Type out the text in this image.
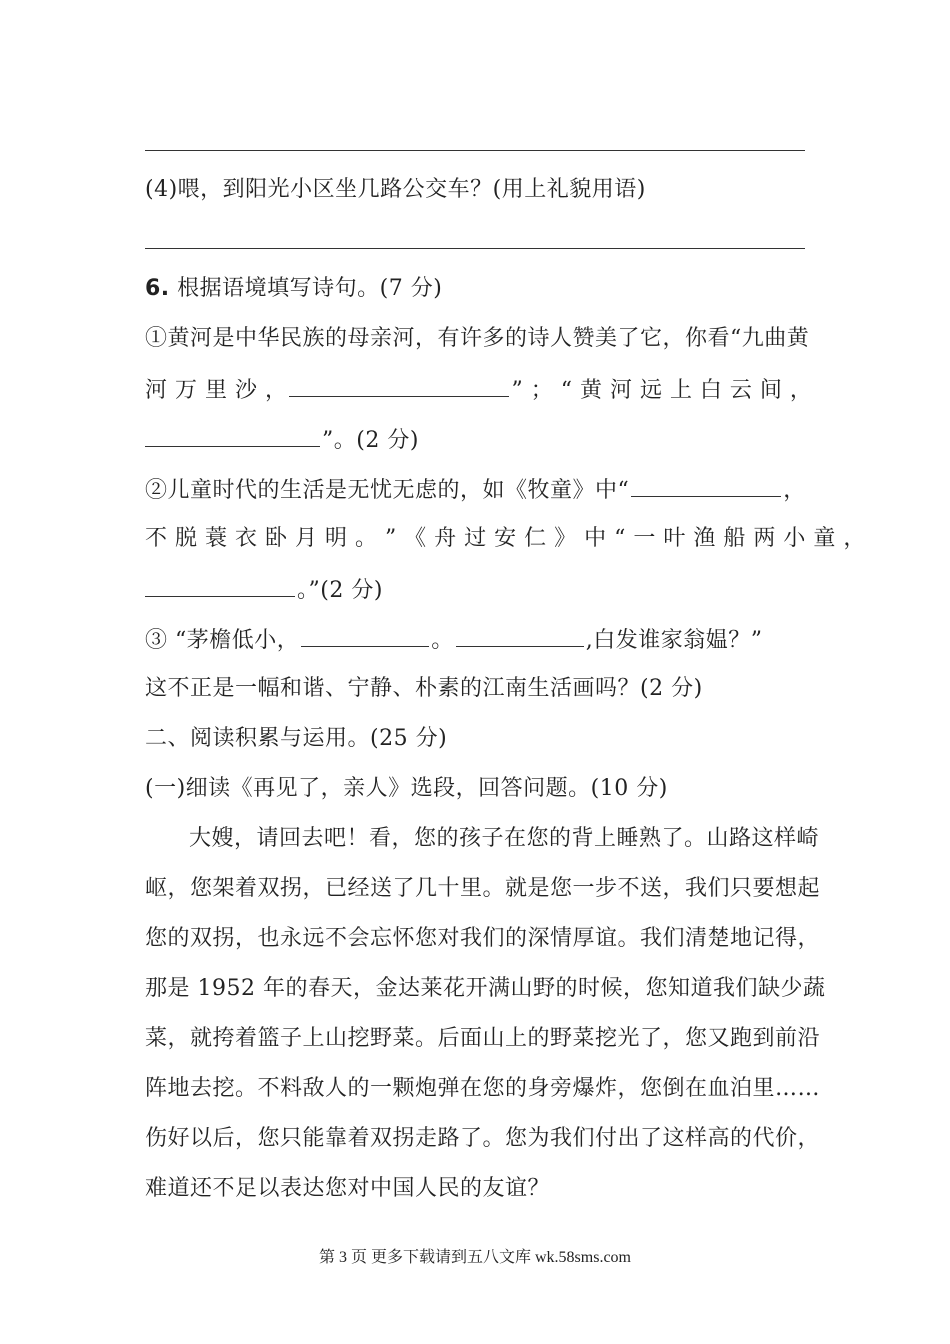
(4)喂，到阳光小区坐几路公交车？(用上礼貌用语)
6. 根据语境填写诗句。(7 分)
①黄河是中华民族的母亲河，有许多的诗人赞美了它，你看“九曲黄
河 万 里 沙 ，	” ； “ 黄 河 远 上 白 云 间 ，
”。(2 分)
②儿童时代的生活是无忧无虑的，如《牧童》中“	，
不 脱 蓑 衣 卧 月 明 。 ” 《 舟 过 安 仁 》 中 “ 一 叶 渔 船 两 小 童 ，
。”(2 分)
③ “茅檐低小，	。	,白发谁家翁媪？”
这不正是一幅和谐、宁静、朴素的江南生活画吗？(2 分)
二、阅读积累与运用。(25 分)
(一)细读《再见了，亲人》选段，回答问题。(10 分)
大嫂，请回去吧！看，您的孩子在您的背上睡熟了。山路这样崎
岖，您架着双拐，已经送了几十里。就是您一步不送，我们只要想起
您的双拐，也永远不会忘怀您对我们的深情厚谊。我们清楚地记得，
那是 1952 年的春天，金达莱花开满山野的时候，您知道我们缺少蔬
菜，就挎着篮子上山挖野菜。后面山上的野菜挖光了，您又跑到前沿
阵地去挖。不料敌人的一颗炮弹在您的身旁爆炸，您倒在血泊里……
伤好以后，您只能靠着双拐走路了。您为我们付出了这样高的代价，
难道还不足以表达您对中国人民的友谊？
第 3 页 更多下载请到五八文库 wk.58sms.com
